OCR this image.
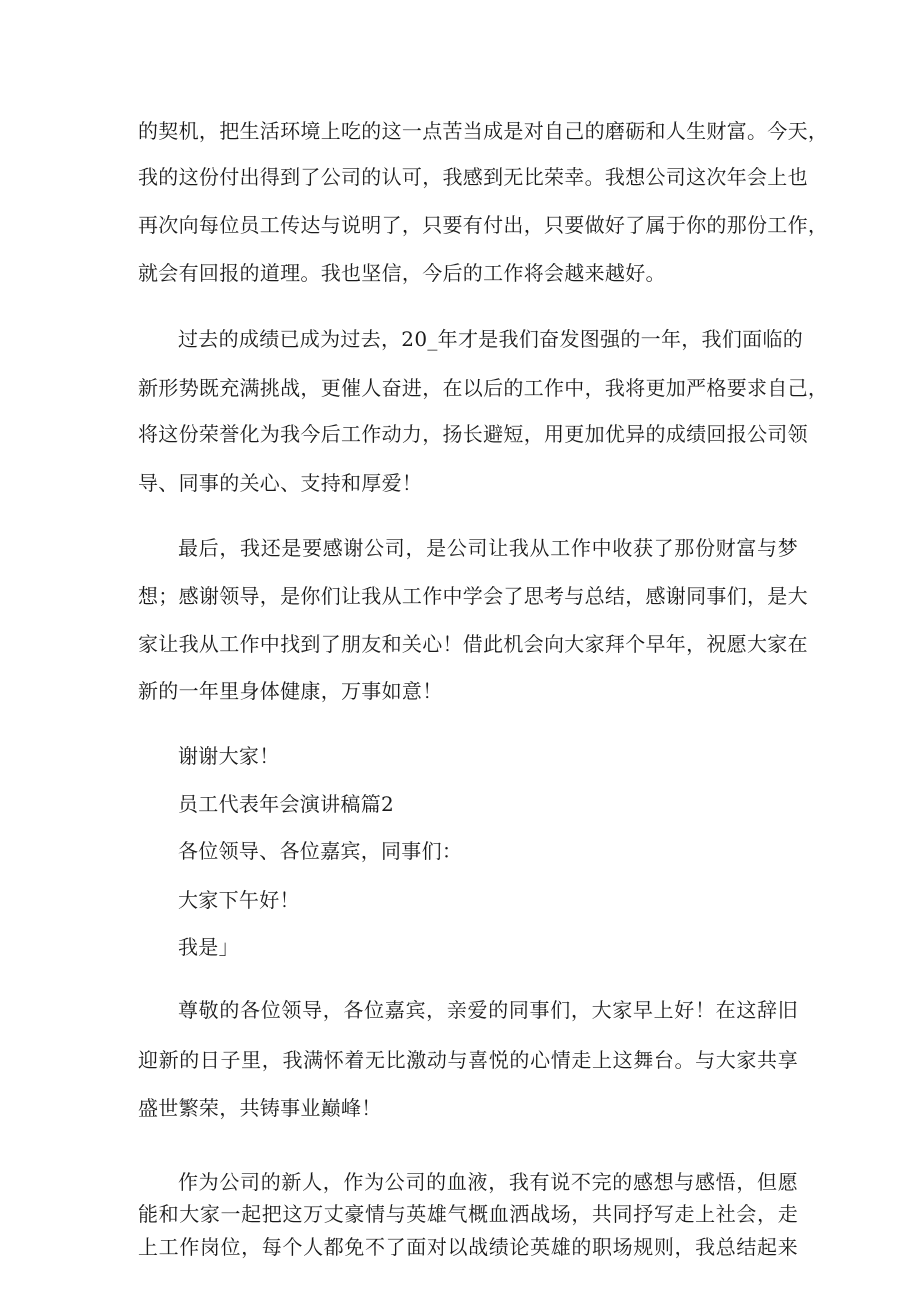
的契机，把生活环境上吃的这一点苦当成是对自己的磨砺和人生财富。今天，
我的这份付出得到了公司的认可，我感到无比荣幸。我想公司这次年会上也
再次向每位员工传达与说明了，只要有付出，只要做好了属于你的那份工作，
就会有回报的道理。我也坚信，今后的工作将会越来越好。
过去的成绩已成为过去，20_年才是我们奋发图强的一年，我们面临的
新形势既充满挑战，更催人奋进，在以后的工作中，我将更加严格要求自己，
将这份荣誉化为我今后工作动力，扬长避短，用更加优异的成绩回报公司领
导、同事的关心、支持和厚爱！
最后，我还是要感谢公司，是公司让我从工作中收获了那份财富与梦
想；感谢领导，是你们让我从工作中学会了思考与总结，感谢同事们，是大
家让我从工作中找到了朋友和关心！借此机会向大家拜个早年，祝愿大家在
新的一年里身体健康，万事如意！
谢谢大家！
员工代表年会演讲稿篇2
各位领导、各位嘉宾，同事们：
大家下午好！
我是」
尊敬的各位领导，各位嘉宾，亲爱的同事们，大家早上好！在这辞旧
迎新的日子里，我满怀着无比激动与喜悦的心情走上这舞台。与大家共享
盛世繁荣，共铸事业巅峰！
作为公司的新人，作为公司的血液，我有说不完的感想与感悟，但愿
能和大家一起把这万丈豪情与英雄气概血洒战场，共同抒写走上社会，走
上工作岗位，每个人都免不了面对以战绩论英雄的职场规则，我总结起来
